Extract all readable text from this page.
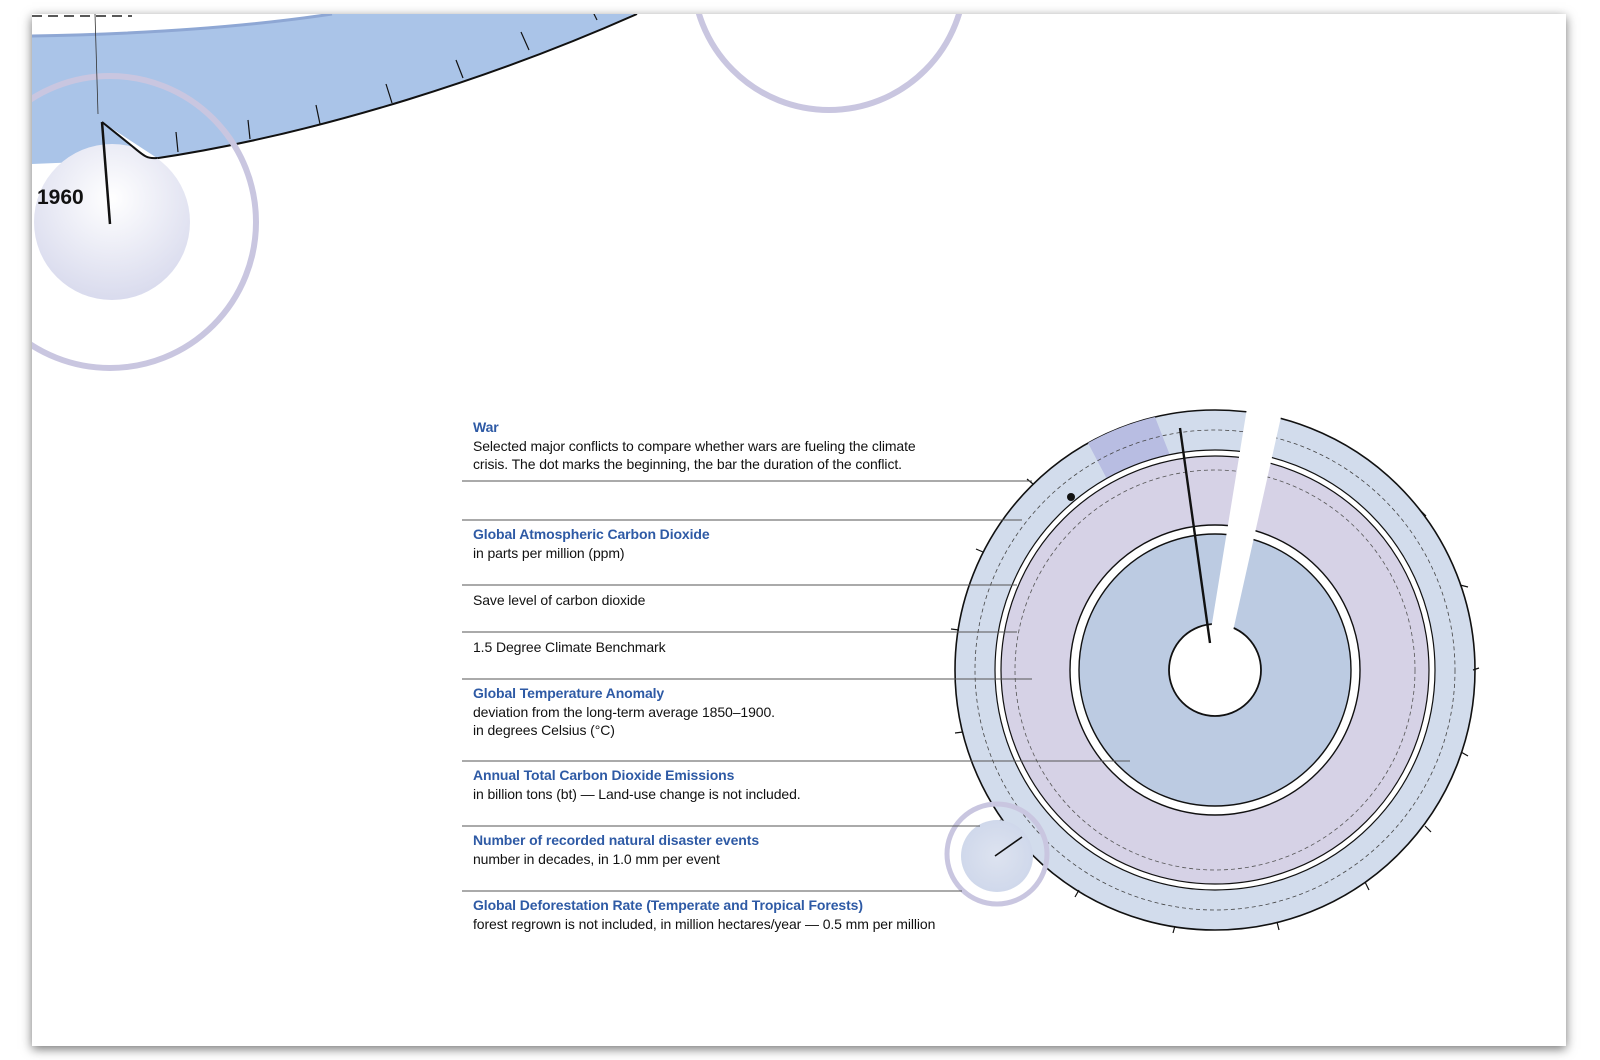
1960
War
Selected major conflicts to compare whether wars are fueling the climate
crisis. The dot marks the beginning, the bar the duration of the conflict.
Global Atmospheric Carbon Dioxide
in parts per million (ppm)
Save level of carbon dioxide
1.5 Degree Climate Benchmark
Global Temperature Anomaly
deviation from the long-term average 1850–1900.
in degrees Celsius (°C)
Annual Total Carbon Dioxide Emissions
in billion tons (bt) — Land-use change is not included.
Number of recorded natural disaster events
number in decades, in 1.0 mm per event
Global Deforestation Rate (Temperate and Tropical Forests)
forest regrown is not included, in million hectares/year — 0.5 mm per million
